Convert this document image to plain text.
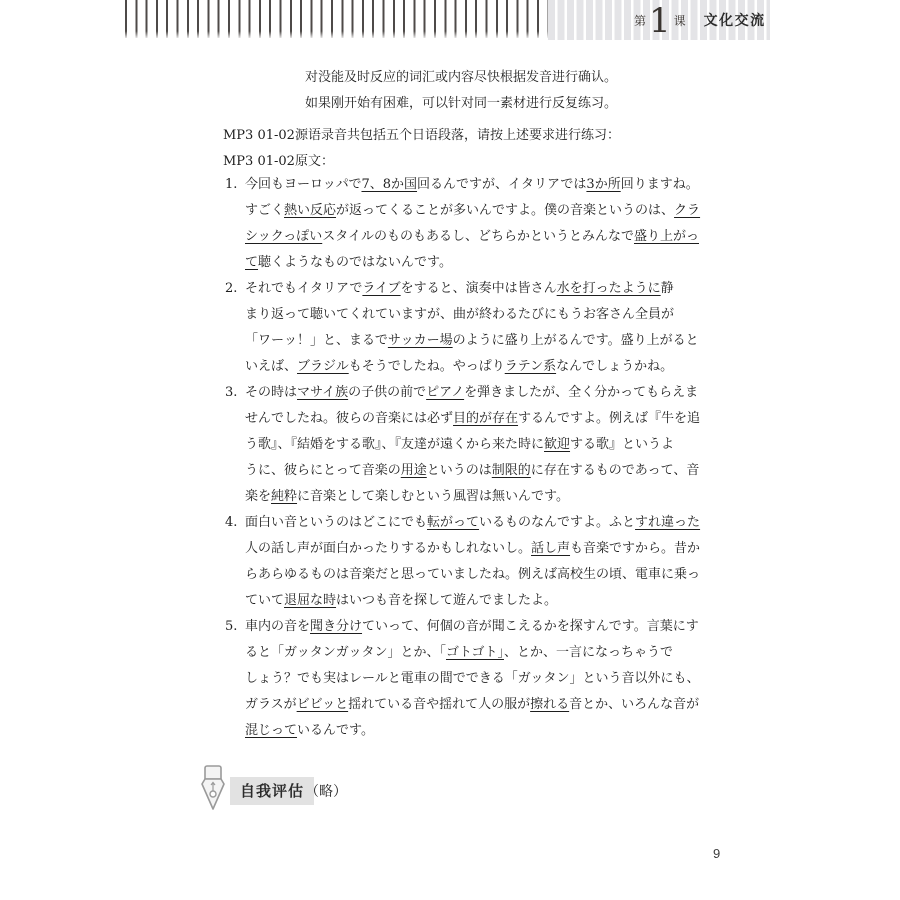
第 1 课 文化交流
对没能及时反应的词汇或内容尽快根据发音进行确认。
如果刚开始有困难，可以针对同一素材进行反复练习。
MP3 01-02源语录音共包括五个日语段落，请按上述要求进行练习：
MP3 01-02原文：
1. 今回もヨーロッパで7、8か国回るんですが、イタリアでは3か所回りますね。
すごく熱い反応が返ってくることが多いんですよ。僕の音楽というのは、クラ
シックっぽいスタイルのものもあるし、どちらかというとみんなで盛り上がっ
て聴くようなものではないんです。
2. それでもイタリアでライブをすると、演奏中は皆さん水を打ったように静
まり返って聴いてくれていますが、曲が終わるたびにもうお客さん全員が
「ワーッ！」と、まるでサッカー場のように盛り上がるんです。盛り上がると
いえば、ブラジルもそうでしたね。やっぱりラテン系なんでしょうかね。
3. その時はマサイ族の子供の前でピアノを弾きましたが、全く分かってもらえま
せんでしたね。彼らの音楽には必ず目的が存在するんですよ。例えば『牛を追
う歌』、『結婚をする歌』、『友達が遠くから来た時に歓迎する歌』というよ
うに、彼らにとって音楽の用途というのは制限的に存在するものであって、音
楽を純粋に音楽として楽しむという風習は無いんです。
4. 面白い音というのはどこにでも転がっているものなんですよ。ふとすれ違った
人の話し声が面白かったりするかもしれないし。話し声も音楽ですから。昔か
らあらゆるものは音楽だと思っていましたね。例えば高校生の頃、電車に乗っ
ていて退屈な時はいつも音を探して遊んでましたよ。
5. 車内の音を聞き分けていって、何個の音が聞こえるかを探すんです。言葉にす
ると「ガッタンガッタン」とか、「ゴトゴト」、とか、一言になっちゃうで
しょう？でも実はレールと電車の間でできる「ガッタン」という音以外にも、
ガラスがビビッと揺れている音や揺れて人の服が擦れる音とか、いろんな音が
混じっているんです。
自我评估 （略）
9
